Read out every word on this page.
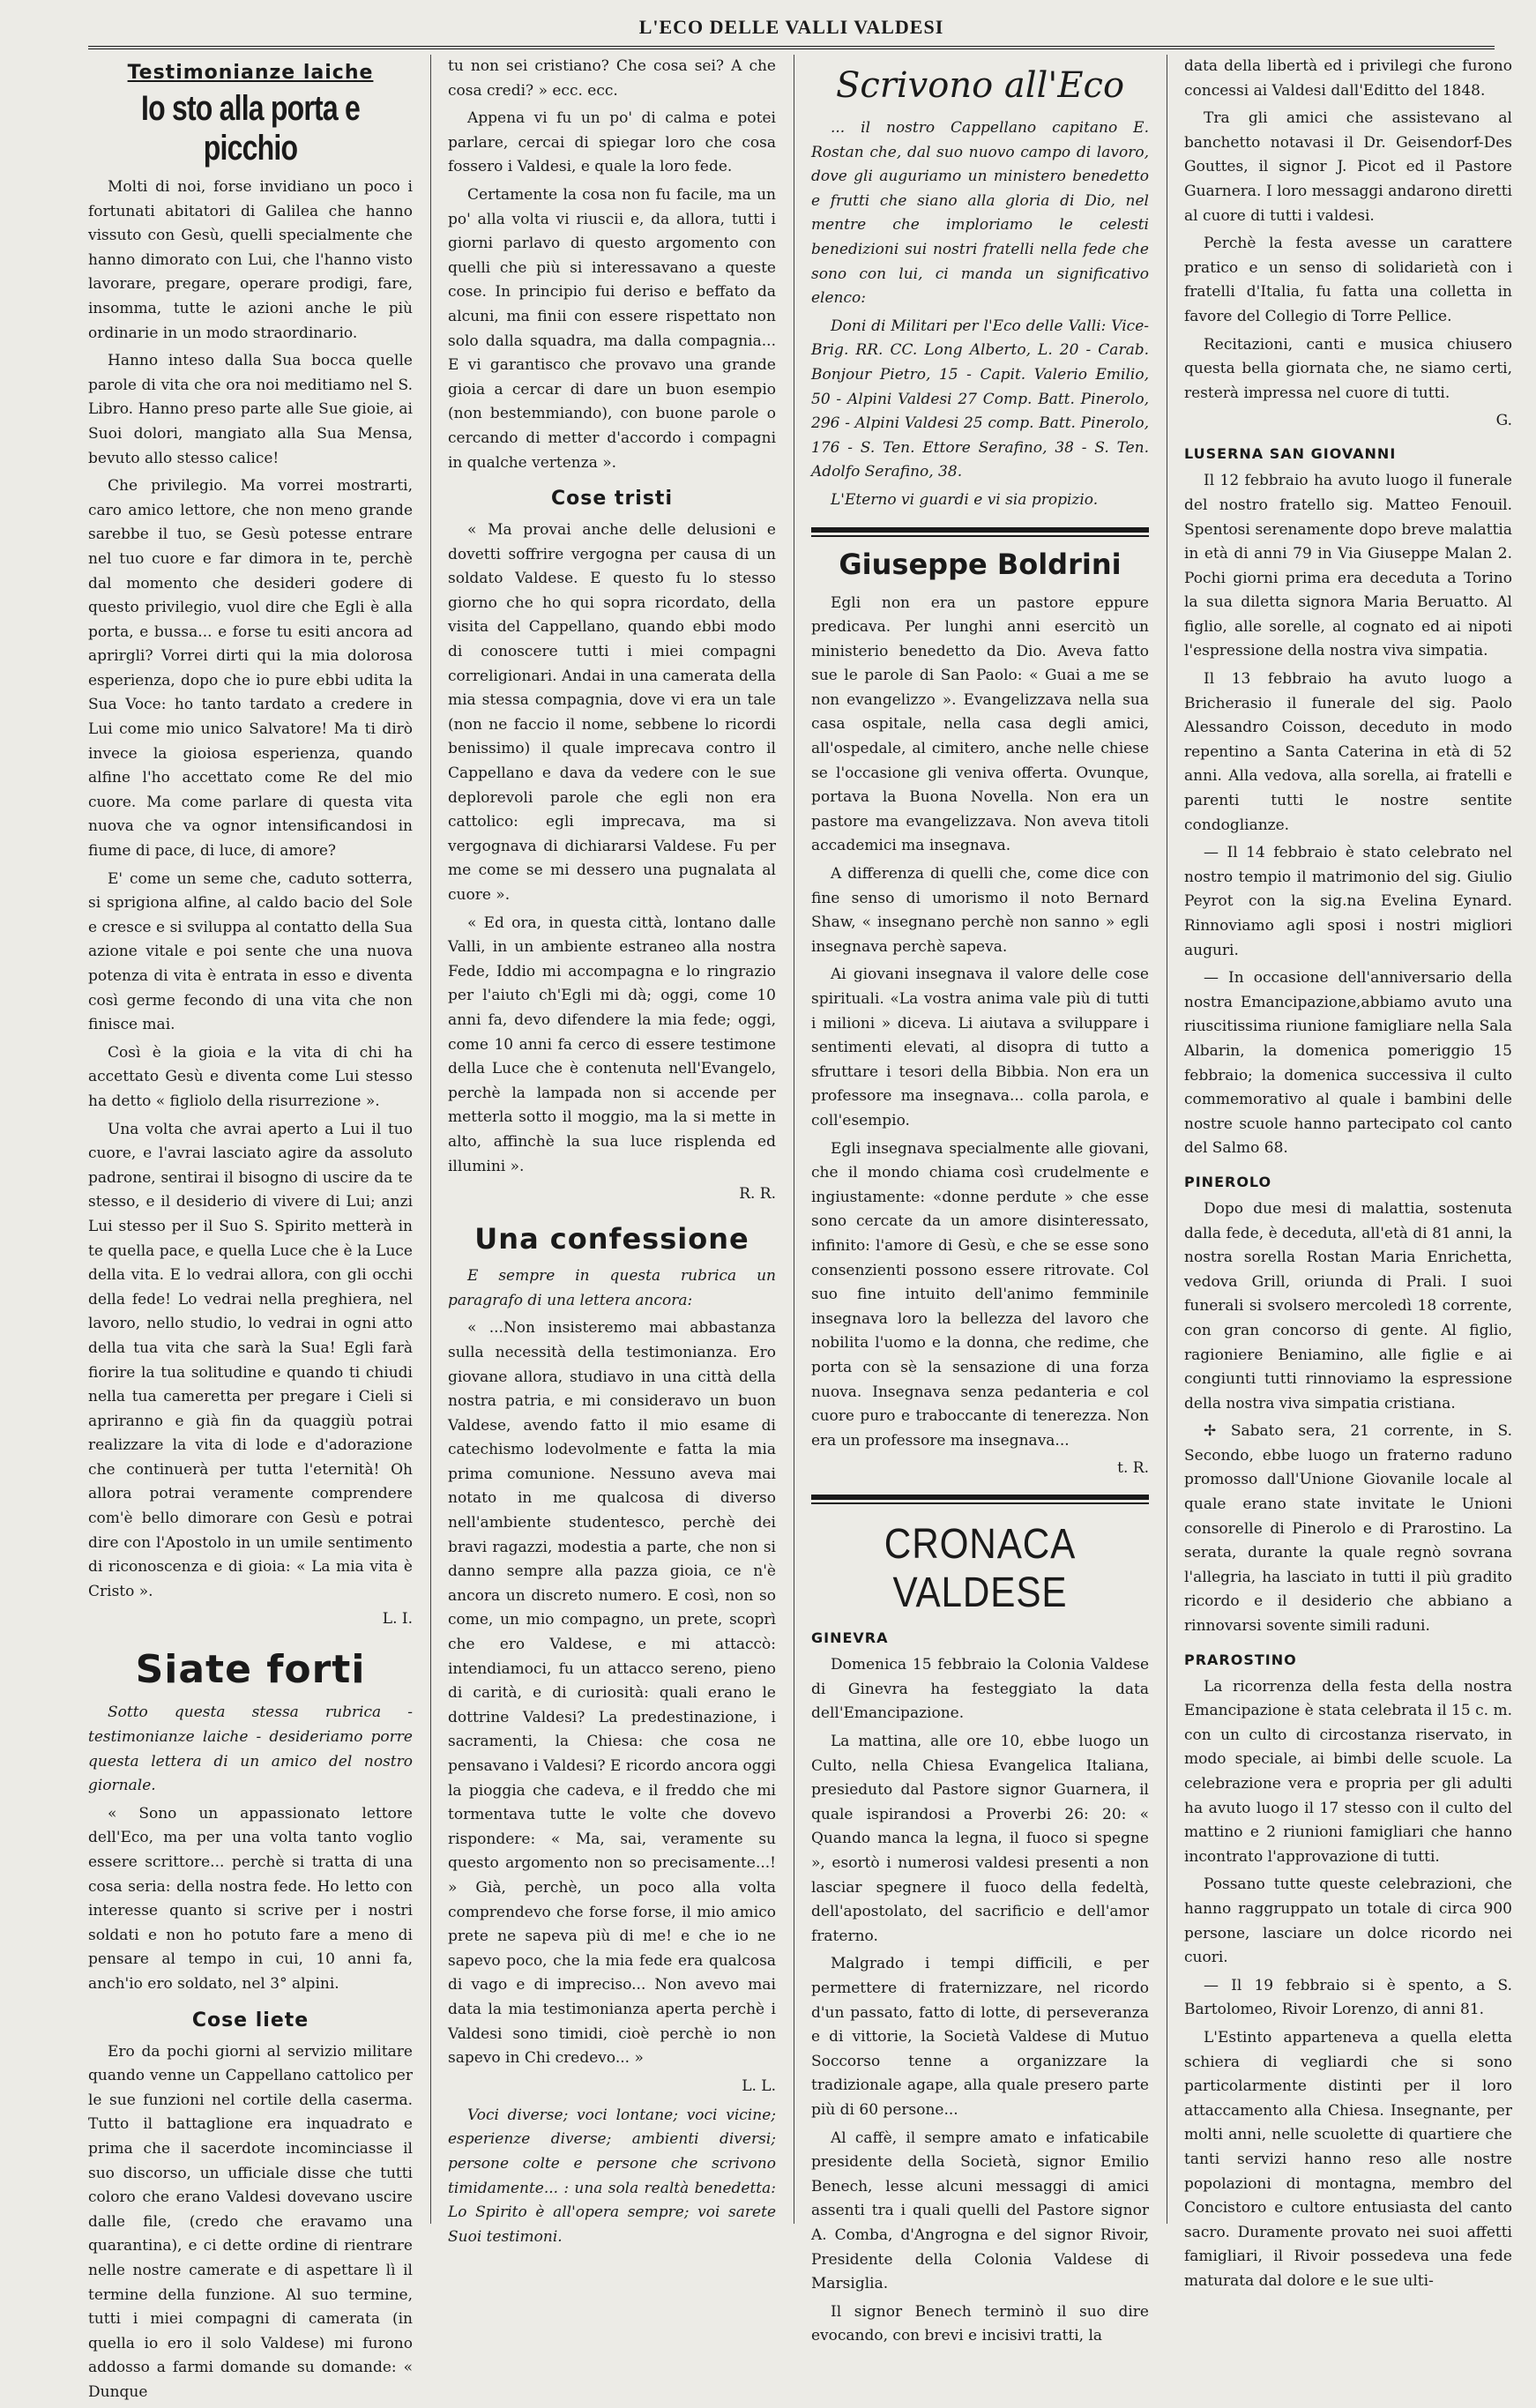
L'ECO DELLE VALLI VALDESI
Testimonianze laiche
Io sto alla porta e picchio

Molti di noi, forse invidiano un poco i fortunati abitatori di Galilea che hanno vissuto con Gesù, quelli specialmente che hanno dimorato con Lui, che l'hanno visto lavorare, pregare, operare prodigi, fare, insomma, tutte le azioni anche le più ordinarie in un modo straordinario.

Hanno inteso dalla Sua bocca quelle parole di vita che ora noi meditiamo nel S. Libro. Hanno preso parte alle Sue gioie, ai Suoi dolori, mangiato alla Sua Mensa, bevuto allo stesso calice!

Che privilegio. Ma vorrei mostrarti, caro amico lettore, che non meno grande sarebbe il tuo, se Gesù potesse entrare nel tuo cuore e far dimora in te, perchè dal momento che desideri godere di questo privilegio, vuol dire che Egli è alla porta, e bussa... e forse tu esiti ancora ad aprirgli? Vorrei dirti qui la mia dolorosa esperienza, dopo che io pure ebbi udita la Sua Voce: ho tanto tardato a credere in Lui come mio unico Salvatore! Ma ti dirò invece la gioiosa esperienza, quando alfine l'ho accettato come Re del mio cuore. Ma come parlare di questa vita nuova che va ognor intensificandosi in fiume di pace, di luce, di amore?

E' come un seme che, caduto sotterra, si sprigiona alfine, al caldo bacio del Sole e cresce e si sviluppa al contatto della Sua azione vitale e poi sente che una nuova potenza di vita è entrata in esso e diventa così germe fecondo di una vita che non finisce mai.

Così è la gioia e la vita di chi ha accettato Gesù e diventa come Lui stesso ha detto « figliolo della risurrezione ».

Una volta che avrai aperto a Lui il tuo cuore, e l'avrai lasciato agire da assoluto padrone, sentirai il bisogno di uscire da te stesso, e il desiderio di vivere di Lui; anzi Lui stesso per il Suo S. Spirito metterà in te quella pace, e quella Luce che è la Luce della vita. E lo vedrai allora, con gli occhi della fede! Lo vedrai nella preghiera, nel lavoro, nello studio, lo vedrai in ogni atto della tua vita che sarà la Sua! Egli farà fiorire la tua solitudine e quando ti chiudi nella tua cameretta per pregare i Cieli si apriranno e già fin da quaggiù potrai realizzare la vita di lode e d'adorazione che continuerà per tutta l'eternità! Oh allora potrai veramente comprendere com'è bello dimorare con Gesù e potrai dire con l'Apostolo in un umile sentimento di riconoscenza e di gioia: « La mia vita è Cristo ».

L. I.
Siate forti

Sotto questa stessa rubrica - testimonianze laiche - desideriamo porre questa lettera di un amico del nostro giornale.

« Sono un appassionato lettore dell'Eco, ma per una volta tanto voglio essere scrittore... perchè si tratta di una cosa seria: della nostra fede. Ho letto con interesse quanto si scrive per i nostri soldati e non ho potuto fare a meno di pensare al tempo in cui, 10 anni fa, anch'io ero soldato, nel 3° alpini.

Cose liete

Ero da pochi giorni al servizio militare quando venne un Cappellano cattolico per le sue funzioni nel cortile della caserma. Tutto il battaglione era inquadrato e prima che il sacerdote incominciasse il suo discorso, un ufficiale disse che tutti coloro che erano Valdesi dovevano uscire dalle file, (credo che eravamo una quarantina), e ci dette ordine di rientrare nelle nostre camerate e di aspettare lì il termine della funzione. Al suo termine, tutti i miei compagni di camerata (in quella io ero il solo Valdese) mi furono addosso a farmi domande su domande: « Dunque

tu non sei cristiano? Che cosa sei? A che cosa credi? » ecc. ecc.

Appena vi fu un po' di calma e potei parlare, cercai di spiegar loro che cosa fossero i Valdesi, e quale la loro fede.

Certamente la cosa non fu facile, ma un po' alla volta vi riuscii e, da allora, tutti i giorni parlavo di questo argomento con quelli che più si interessavano a queste cose. In principio fui deriso e beffato da alcuni, ma finii con essere rispettato non solo dalla squadra, ma dalla compagnia... E vi garantisco che provavo una grande gioia a cercar di dare un buon esempio (non bestemmiando), con buone parole o cercando di metter d'accordo i compagni in qualche vertenza ».

Cose tristi

« Ma provai anche delle delusioni e dovetti soffrire vergogna per causa di un soldato Valdese. E questo fu lo stesso giorno che ho qui sopra ricordato, della visita del Cappellano, quando ebbi modo di conoscere tutti i miei compagni correligionari. Andai in una camerata della mia stessa compagnia, dove vi era un tale (non ne faccio il nome, sebbene lo ricordi benissimo) il quale imprecava contro il Cappellano e dava da vedere con le sue deplorevoli parole che egli non era cattolico: egli imprecava, ma si vergognava di dichiararsi Valdese. Fu per me come se mi dessero una pugnalata al cuore ».

« Ed ora, in questa città, lontano dalle Valli, in un ambiente estraneo alla nostra Fede, Iddio mi accompagna e lo ringrazio per l'aiuto ch'Egli mi dà; oggi, come 10 anni fa, devo difendere la mia fede; oggi, come 10 anni fa cerco di essere testimone della Luce che è contenuta nell'Evangelo, perchè la lampada non si accende per metterla sotto il moggio, ma la si mette in alto, affinchè la sua luce risplenda ed illumini ».

R. R.
Una confessione

E sempre in questa rubrica un paragrafo di una lettera ancora:

« ...Non insisteremo mai abbastanza sulla necessità della testimonianza. Ero giovane allora, studiavo in una città della nostra patria, e mi consideravo un buon Valdese, avendo fatto il mio esame di catechismo lodevolmente e fatta la mia prima comunione. Nessuno aveva mai notato in me qualcosa di diverso nell'ambiente studentesco, perchè dei bravi ragazzi, modestia a parte, che non si danno sempre alla pazza gioia, ce n'è ancora un discreto numero. E così, non so come, un mio compagno, un prete, scoprì che ero Valdese, e mi attaccò: intendiamoci, fu un attacco sereno, pieno di carità, e di curiosità: quali erano le dottrine Valdesi? La predestinazione, i sacramenti, la Chiesa: che cosa ne pensavano i Valdesi? E ricordo ancora oggi la pioggia che cadeva, e il freddo che mi tormentava tutte le volte che dovevo rispondere: « Ma, sai, veramente su questo argomento non so precisamente...! » Già, perchè, un poco alla volta comprendevo che forse forse, il mio amico prete ne sapeva più di me! e che io ne sapevo poco, che la mia fede era qualcosa di vago e di impreciso... Non avevo mai data la mia testimonianza aperta perchè i Valdesi sono timidi, cioè perchè io non sapevo in Chi credevo... »

L. L.

Voci diverse; voci lontane; voci vicine; esperienze diverse; ambienti diversi; persone colte e persone che scrivono timidamente... : una sola realtà benedetta: Lo Spirito è all'opera sempre; voi sarete Suoi testimoni.

Scrivono all'Eco

... il nostro Cappellano capitano E. Rostan che, dal suo nuovo campo di lavoro, dove gli auguriamo un ministero benedetto e frutti che siano alla gloria di Dio, nel mentre che imploriamo le celesti benedizioni sui nostri fratelli nella fede che sono con lui, ci manda un significativo elenco:

Doni di Militari per l'Eco delle Valli: Vice-Brig. RR. CC. Long Alberto, L. 20 - Carab. Bonjour Pietro, 15 - Capit. Valerio Emilio, 50 - Alpini Valdesi 27 Comp. Batt. Pinerolo, 296 - Alpini Valdesi 25 comp. Batt. Pinerolo, 176 - S. Ten. Ettore Serafino, 38 - S. Ten. Adolfo Serafino, 38.

L'Eterno vi guardi e vi sia propizio.

Giuseppe Boldrini

Egli non era un pastore eppure predicava. Per lunghi anni esercitò un ministerio benedetto da Dio. Aveva fatto sue le parole di San Paolo: « Guai a me se non evangelizzo ». Evangelizzava nella sua casa ospitale, nella casa degli amici, all'ospedale, al cimitero, anche nelle chiese se l'occasione gli veniva offerta. Ovunque, portava la Buona Novella. Non era un pastore ma evangelizzava. Non aveva titoli accademici ma insegnava.

A differenza di quelli che, come dice con fine senso di umorismo il noto Bernard Shaw, « insegnano perchè non sanno » egli insegnava perchè sapeva.

Ai giovani insegnava il valore delle cose spirituali. «La vostra anima vale più di tutti i milioni » diceva. Li aiutava a sviluppare i sentimenti elevati, al disopra di tutto a sfruttare i tesori della Bibbia. Non era un professore ma insegnava... colla parola, e coll'esempio.

Egli insegnava specialmente alle giovani, che il mondo chiama così crudelmente e ingiustamente: «donne perdute » che esse sono cercate da un amore disinteressato, infinito: l'amore di Gesù, e che se esse sono consenzienti possono essere ritrovate. Col suo fine intuito dell'animo femminile insegnava loro la bellezza del lavoro che nobilita l'uomo e la donna, che redime, che porta con sè la sensazione di una forza nuova. Insegnava senza pedanteria e col cuore puro e traboccante di tenerezza. Non era un professore ma insegnava...

t. R.
CRONACA VALDESE
GINEVRA

Domenica 15 febbraio la Colonia Valdese di Ginevra ha festeggiato la data dell'Emancipazione.

La mattina, alle ore 10, ebbe luogo un Culto, nella Chiesa Evangelica Italiana, presieduto dal Pastore signor Guarnera, il quale ispirandosi a Proverbi 26: 20: « Quando manca la legna, il fuoco si spegne », esortò i numerosi valdesi presenti a non lasciar spegnere il fuoco della fedeltà, dell'apostolato, del sacrificio e dell'amor fraterno.

Malgrado i tempi difficili, e per permettere di fraternizzare, nel ricordo d'un passato, fatto di lotte, di perseveranza e di vittorie, la Società Valdese di Mutuo Soccorso tenne a organizzare la tradizionale agape, alla quale presero parte più di 60 persone...

Al caffè, il sempre amato e infaticabile presidente della Società, signor Emilio Benech, lesse alcuni messaggi di amici assenti tra i quali quelli del Pastore signor A. Comba, d'Angrogna e del signor Rivoir, Presidente della Colonia Valdese di Marsiglia.

Il signor Benech terminò il suo dire evocando, con brevi e incisivi tratti, la

data della libertà ed i privilegi che furono concessi ai Valdesi dall'Editto del 1848.

Tra gli amici che assistevano al banchetto notavasi il Dr. Geisendorf-Des Gouttes, il signor J. Picot ed il Pastore Guarnera. I loro messaggi andarono diretti al cuore di tutti i valdesi.

Perchè la festa avesse un carattere pratico e un senso di solidarietà con i fratelli d'Italia, fu fatta una colletta in favore del Collegio di Torre Pellice.

Recitazioni, canti e musica chiusero questa bella giornata che, ne siamo certi, resterà impressa nel cuore di tutti.

G.
LUSERNA SAN GIOVANNI

Il 12 febbraio ha avuto luogo il funerale del nostro fratello sig. Matteo Fenouil. Spentosi serenamente dopo breve malattia in età di anni 79 in Via Giuseppe Malan 2. Pochi giorni prima era deceduta a Torino la sua diletta signora Maria Beruatto. Al figlio, alle sorelle, al cognato ed ai nipoti l'espressione della nostra viva simpatia.

Il 13 febbraio ha avuto luogo a Bricherasio il funerale del sig. Paolo Alessandro Coisson, deceduto in modo repentino a Santa Caterina in età di 52 anni. Alla vedova, alla sorella, ai fratelli e parenti tutti le nostre sentite condoglianze.

— Il 14 febbraio è stato celebrato nel nostro tempio il matrimonio del sig. Giulio Peyrot con la sig.na Evelina Eynard. Rinnoviamo agli sposi i nostri migliori auguri.

— In occasione dell'anniversario della nostra Emancipazione,abbiamo avuto una riuscitissima riunione famigliare nella Sala Albarin, la domenica pomeriggio 15 febbraio; la domenica successiva il culto commemorativo al quale i bambini delle nostre scuole hanno partecipato col canto del Salmo 68.

PINEROLO

Dopo due mesi di malattia, sostenuta dalla fede, è deceduta, all'età di 81 anni, la nostra sorella Rostan Maria Enrichetta, vedova Grill, oriunda di Prali. I suoi funerali si svolsero mercoledì 18 corrente, con gran concorso di gente. Al figlio, ragioniere Beniamino, alle figlie e ai congiunti tutti rinnoviamo la espressione della nostra viva simpatia cristiana.

✢ Sabato sera, 21 corrente, in S. Secondo, ebbe luogo un fraterno raduno promosso dall'Unione Giovanile locale al quale erano state invitate le Unioni consorelle di Pinerolo e di Prarostino. La serata, durante la quale regnò sovrana l'allegria, ha lasciato in tutti il più gradito ricordo e il desiderio che abbiano a rinnovarsi sovente simili raduni.

PRAROSTINO

La ricorrenza della festa della nostra Emancipazione è stata celebrata il 15 c. m. con un culto di circostanza riservato, in modo speciale, ai bimbi delle scuole. La celebrazione vera e propria per gli adulti ha avuto luogo il 17 stesso con il culto del mattino e 2 riunioni famigliari che hanno incontrato l'approvazione di tutti.

Possano tutte queste celebrazioni, che hanno raggruppato un totale di circa 900 persone, lasciare un dolce ricordo nei cuori.

— Il 19 febbraio si è spento, a S. Bartolomeo, Rivoir Lorenzo, di anni 81.

L'Estinto apparteneva a quella eletta schiera di vegliardi che si sono particolarmente distinti per il loro attaccamento alla Chiesa. Insegnante, per molti anni, nelle scuolette di quartiere che tanti servizi hanno reso alle nostre popolazioni di montagna, membro del Concistoro e cultore entusiasta del canto sacro. Duramente provato nei suoi affetti famigliari, il Rivoir possedeva una fede maturata dal dolore e le sue ulti-
